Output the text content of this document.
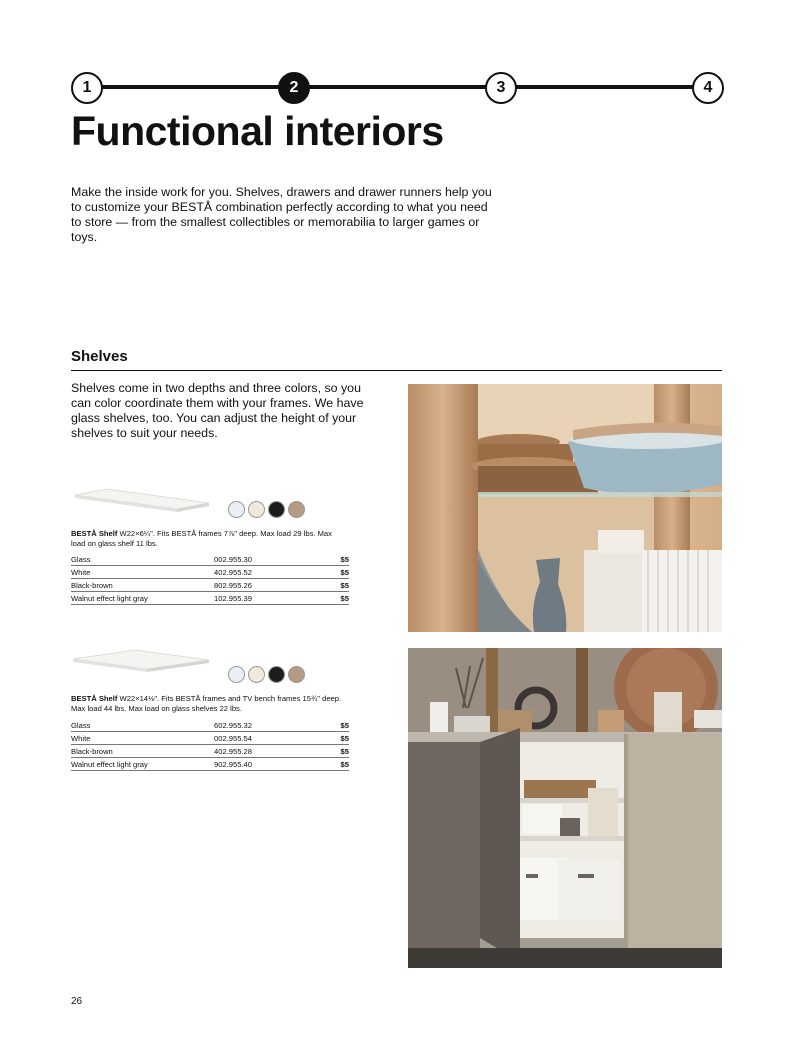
1	2	3	4
Functional interiors

Make the inside work for you. Shelves, drawers and drawer runners help you to customize your BESTÅ combination perfectly according to what you need to store — from the smallest collectibles or memorabilia to larger games or toys.

Shelves

Shelves come in two depths and three colors, so you can color coordinate them with your frames. We have glass shelves, too. You can adjust the height of your shelves to suit your needs.

BESTÅ Shelf W22×6¼". Fits BESTÅ frames 7⅞" deep. Max load 29 lbs. Max load on glass shelf 11 lbs.

Glass	002.955.30	$5
White	402.955.52	$5
Black-brown	802.955.26	$5
Walnut effect light gray	102.955.39	$5

BESTÅ Shelf W22×14⅛". Fits BESTÅ frames and TV bench frames 15¾" deep. Max load 44 lbs. Max load on glass shelves 22 lbs.

Glass	602.955.32	$5
White	002.955.54	$5
Black-brown	402.955.28	$5
Walnut effect light gray	902.955.40	$5
26
